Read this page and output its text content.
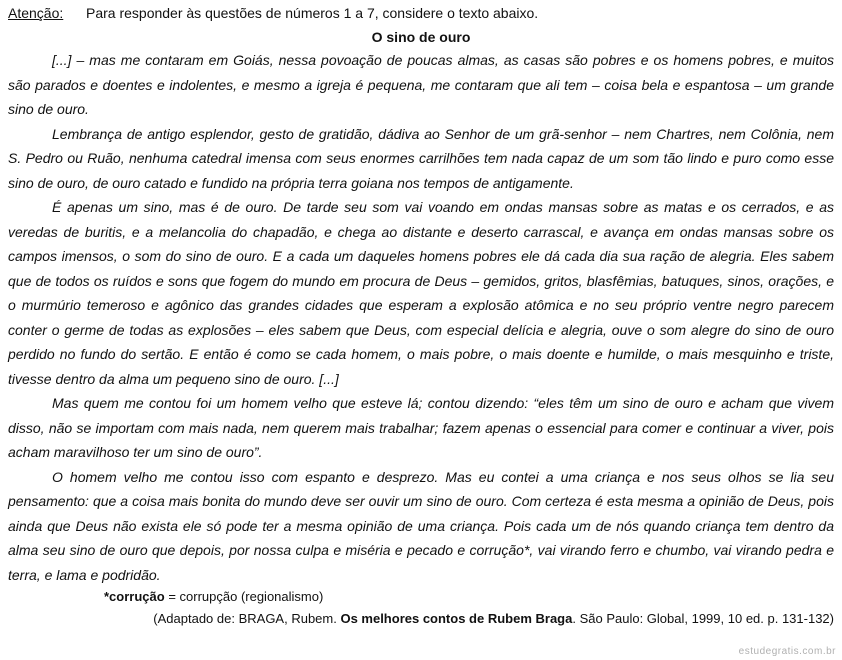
Atenção: Para responder às questões de números 1 a 7, considere o texto abaixo.
O sino de ouro

[...] – mas me contaram em Goiás, nessa povoação de poucas almas, as casas são pobres e os homens pobres, e muitos são parados e doentes e indolentes, e mesmo a igreja é pequena, me contaram que ali tem – coisa bela e espantosa – um grande sino de ouro.

Lembrança de antigo esplendor, gesto de gratidão, dádiva ao Senhor de um grã-senhor – nem Chartres, nem Colônia, nem S. Pedro ou Ruão, nenhuma catedral imensa com seus enormes carrilhões tem nada capaz de um som tão lindo e puro como esse sino de ouro, de ouro catado e fundido na própria terra goiana nos tempos de antigamente.

É apenas um sino, mas é de ouro. De tarde seu som vai voando em ondas mansas sobre as matas e os cerrados, e as veredas de buritis, e a melancolia do chapadão, e chega ao distante e deserto carrascal, e avança em ondas mansas sobre os campos imensos, o som do sino de ouro. E a cada um daqueles homens pobres ele dá cada dia sua ração de alegria. Eles sabem que de todos os ruídos e sons que fogem do mundo em procura de Deus – gemidos, gritos, blasfêmias, batuques, sinos, orações, e o murmúrio temeroso e agônico das grandes cidades que esperam a explosão atômica e no seu próprio ventre negro parecem conter o germe de todas as explosões – eles sabem que Deus, com especial delícia e alegria, ouve o som alegre do sino de ouro perdido no fundo do sertão. E então é como se cada homem, o mais pobre, o mais doente e humilde, o mais mesquinho e triste, tivesse dentro da alma um pequeno sino de ouro. [...]

Mas quem me contou foi um homem velho que esteve lá; contou dizendo: “eles têm um sino de ouro e acham que vivem disso, não se importam com mais nada, nem querem mais trabalhar; fazem apenas o essencial para comer e continuar a viver, pois acham maravilhoso ter um sino de ouro”.

O homem velho me contou isso com espanto e desprezo. Mas eu contei a uma criança e nos seus olhos se lia seu pensamento: que a coisa mais bonita do mundo deve ser ouvir um sino de ouro. Com certeza é esta mesma a opinião de Deus, pois ainda que Deus não exista ele só pode ter a mesma opinião de uma criança. Pois cada um de nós quando criança tem dentro da alma seu sino de ouro que depois, por nossa culpa e miséria e pecado e corrução*, vai virando ferro e chumbo, vai virando pedra e terra, e lama e podridão.

*corrução = corrupção (regionalismo)
(Adaptado de: BRAGA, Rubem. Os melhores contos de Rubem Braga. São Paulo: Global, 1999, 10 ed. p. 131-132)
estudegratis.com.br
